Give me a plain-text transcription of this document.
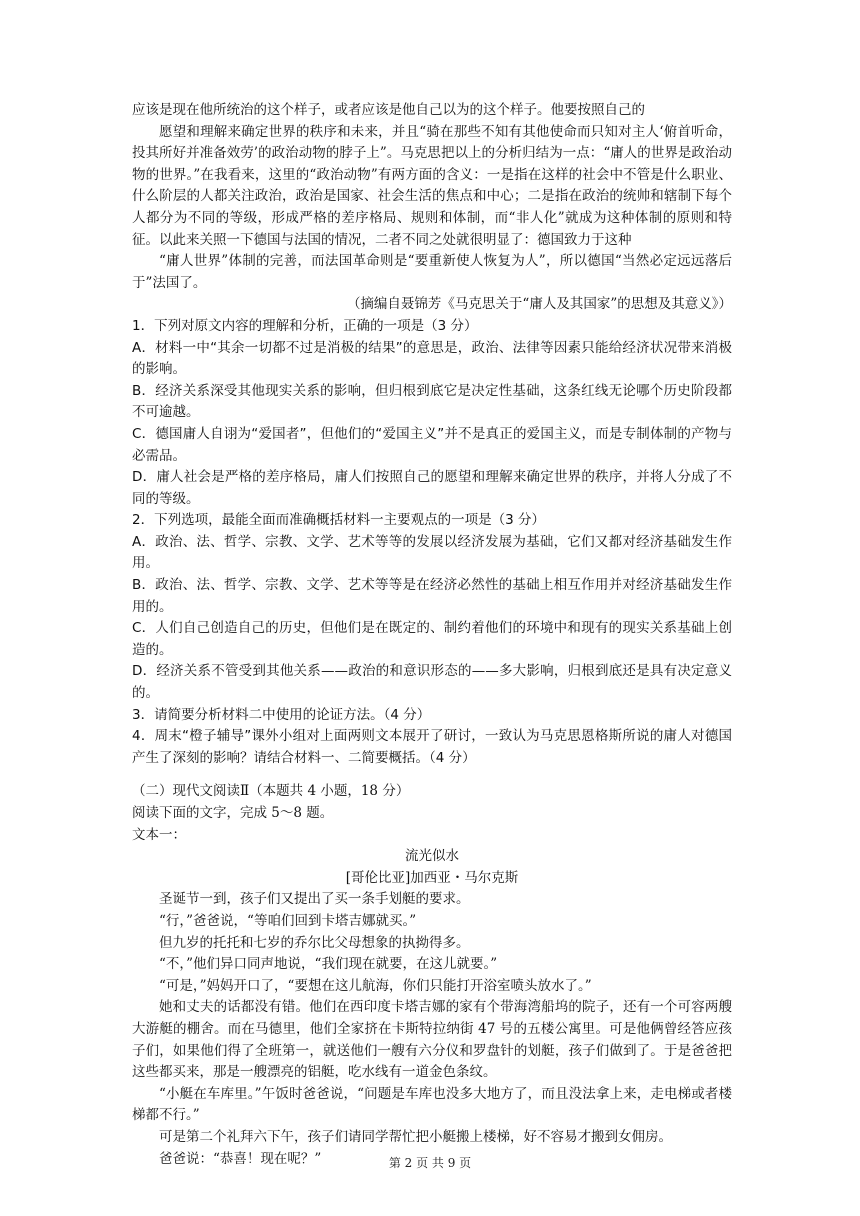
应该是现在他所统治的这个样子，或者应该是他自己以为的这个样子。他要按照自己的

愿望和理解来确定世界的秩序和未来，并且“骑在那些不知有其他使命而只知对主人‘俯首听命，投其所好并准备效劳’的政治动物的脖子上”。马克思把以上的分析归结为一点：“庸人的世界是政治动物的世界。”在我看来，这里的“政治动物”有两方面的含义：一是指在这样的社会中不管是什么职业、什么阶层的人都关注政治，政治是国家、社会生活的焦点和中心；二是指在政治的统帅和辖制下每个人都分为不同的等级，形成严格的差序格局、规则和体制，而“非人化”就成为这种体制的原则和特征。以此来关照一下德国与法国的情况，二者不同之处就很明显了：德国致力于这种

“庸人世界”体制的完善，而法国革命则是“要重新使人恢复为人”，所以德国“当然必定远远落后于”法国了。

（摘编自聂锦芳《马克思关于“庸人及其国家”的思想及其意义》）

1．下列对原文内容的理解和分析，正确的一项是（3 分）

A．材料一中“其余一切都不过是消极的结果”的意思是，政治、法律等因素只能给经济状况带来消极的影响。

B．经济关系深受其他现实关系的影响，但归根到底它是决定性基础，这条红线无论哪个历史阶段都不可逾越。

C．德国庸人自诩为“爱国者”，但他们的“爱国主义”并不是真正的爱国主义，而是专制体制的产物与必需品。

D．庸人社会是严格的差序格局，庸人们按照自己的愿望和理解来确定世界的秩序，并将人分成了不同的等级。

2．下列选项，最能全面而准确概括材料一主要观点的一项是（3 分）

A．政治、法、哲学、宗教、文学、艺术等等的发展以经济发展为基础，它们又都对经济基础发生作用。

B．政治、法、哲学、宗教、文学、艺术等等是在经济必然性的基础上相互作用并对经济基础发生作用的。

C．人们自己创造自己的历史，但他们是在既定的、制约着他们的环境中和现有的现实关系基础上创造的。

D．经济关系不管受到其他关系——政治的和意识形态的——多大影响，归根到底还是具有决定意义的。

3．请简要分析材料二中使用的论证方法。（4 分）

4．周末“橙子辅导”课外小组对上面两则文本展开了研讨，一致认为马克思恩格斯所说的庸人对德国产生了深刻的影响？请结合材料一、二简要概括。（4 分）

（二）现代文阅读Ⅱ（本题共 4 小题，18 分）

阅读下面的文字，完成 5～8 题。

文本一：

流光似水

[哥伦比亚]加西亚・马尔克斯

圣诞节一到，孩子们又提出了买一条手划艇的要求。

“行，”爸爸说，“等咱们回到卡塔吉娜就买。”

但九岁的托托和七岁的乔尔比父母想象的执拗得多。

“不，”他们异口同声地说，“我们现在就要，在这儿就要。”

“可是，”妈妈开口了，“要想在这儿航海，你们只能打开浴室喷头放水了。”

她和丈夫的话都没有错。他们在西印度卡塔吉娜的家有个带海湾船坞的院子，还有一个可容两艘大游艇的棚舍。而在马德里，他们全家挤在卡斯特拉纳街 47 号的五楼公寓里。可是他俩曾经答应孩子们，如果他们得了全班第一，就送他们一艘有六分仪和罗盘针的划艇，孩子们做到了。于是爸爸把这些都买来，那是一艘漂亮的铝艇，吃水线有一道金色条纹。

“小艇在车库里。”午饭时爸爸说，“问题是车库也没多大地方了，而且没法拿上来，走电梯或者楼梯都不行。”

可是第二个礼拜六下午，孩子们请同学帮忙把小艇搬上楼梯，好不容易才搬到女佣房。

爸爸说：“恭喜！现在呢？”	第 2 页 共 9 页
